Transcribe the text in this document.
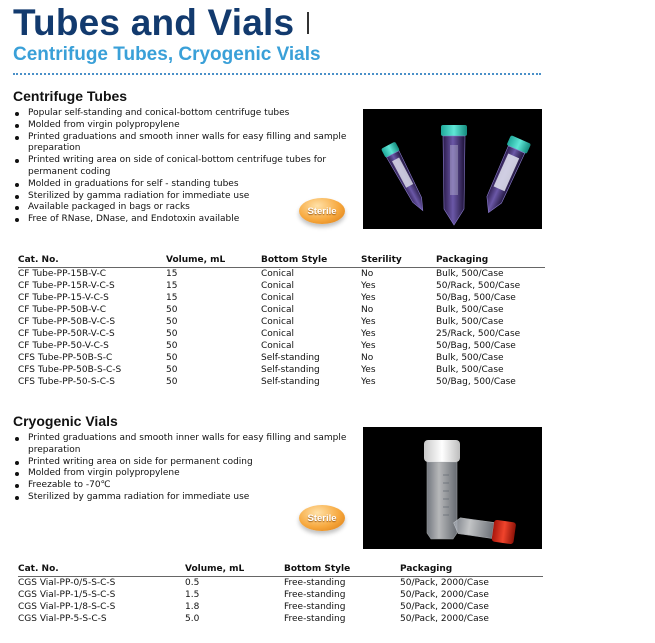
Tubes and Vials
Centrifuge Tubes, Cryogenic Vials
Centrifuge Tubes
Popular self-standing and conical-bottom centrifuge tubes
Molded from virgin polypropylene
Printed graduations and smooth inner walls for easy filling and sample preparation
Printed writing area on side of conical-bottom centrifuge tubes for permanent coding
Molded in graduations for self - standing tubes
Sterilized by gamma radiation for immediate use
Available packaged in bags or racks
Free of RNase, DNase, and Endotoxin available
Sterile
Cat. No.	Volume, mL	Bottom Style	Sterility	Packaging
CF Tube-PP-15B-V-C	15	Conical	No	Bulk, 500/Case
CF Tube-PP-15R-V-C-S	15	Conical	Yes	50/Rack, 500/Case
CF Tube-PP-15-V-C-S	15	Conical	Yes	50/Bag, 500/Case
CF Tube-PP-50B-V-C	50	Conical	No	Bulk, 500/Case
CF Tube-PP-50B-V-C-S	50	Conical	Yes	Bulk, 500/Case
CF Tube-PP-50R-V-C-S	50	Conical	Yes	25/Rack, 500/Case
CF Tube-PP-50-V-C-S	50	Conical	Yes	50/Bag, 500/Case
CFS Tube-PP-50B-S-C	50	Self-standing	No	Bulk, 500/Case
CFS Tube-PP-50B-S-C-S	50	Self-standing	Yes	Bulk, 500/Case
CFS Tube-PP-50-S-C-S	50	Self-standing	Yes	50/Bag, 500/Case
Cryogenic Vials
Printed graduations and smooth inner walls for easy filling and sample preparation
Printed writing area on side for permanent coding
Molded from virgin polypropylene
Freezable to -70℃
Sterilized by gamma radiation for immediate use
Sterile
Cat. No.	Volume, mL	Bottom Style	Packaging
CGS Vial-PP-0/5-S-C-S	0.5	Free-standing	50/Pack, 2000/Case
CGS Vial-PP-1/5-S-C-S	1.5	Free-standing	50/Pack, 2000/Case
CGS Vial-PP-1/8-S-C-S	1.8	Free-standing	50/Pack, 2000/Case
CGS Vial-PP-5-S-C-S	5.0	Free-standing	50/Pack, 2000/Case
